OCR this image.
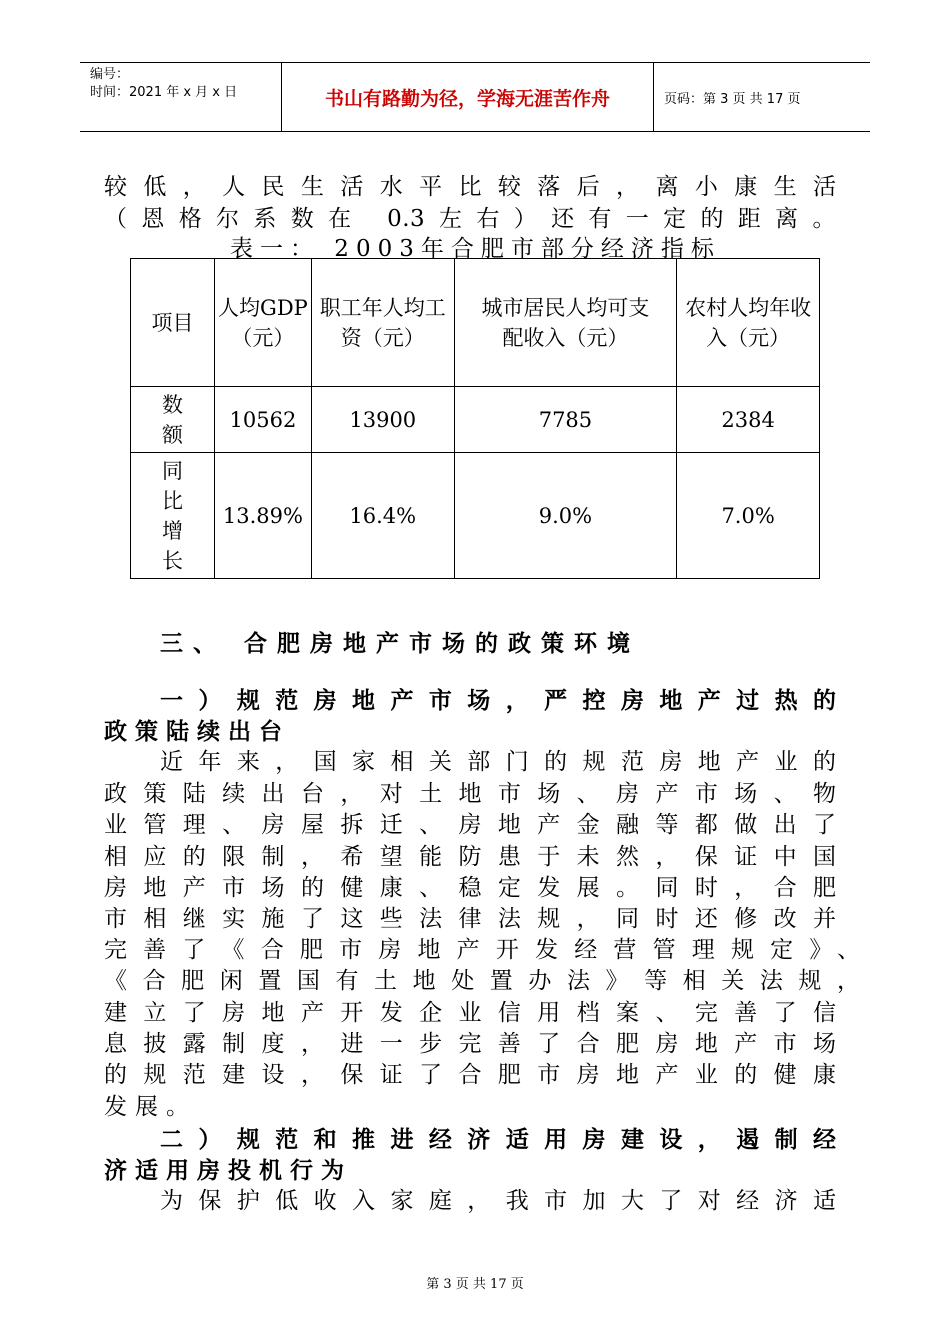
编号：
时间：2021 年 x 月 x 日	书山有路勤为径，学海无涯苦作舟	页码：第 3 页 共 17 页
较低，人民生活水平比较落后，离小康生活
（恩格尔系数在 0.3左右）还有一定的距离。
表一： 2003年合肥市部分经济指标
项目	人均GDP（元）	职工年人均工资（元）	城市居民人均可支配收入（元）	农村人均年收入（元）
数额	10562	13900	7785	2384
同比增长	13.89%	16.4%	9.0%	7.0%
三、 合肥房地产市场的政策环境
一）规范房地产市场，严控房地产过热的
政策陆续出台
近年来，国家相关部门的规范房地产业的
政策陆续出台，对土地市场、房产市场、物
业管理、房屋拆迁、房地产金融等都做出了
相应的限制，希望能防患于未然，保证中国
房地产市场的健康、稳定发展。同时，合肥
市相继实施了这些法律法规，同时还修改并
完善了《合肥市房地产开发经营管理规定》、
《合肥闲置国有土地处置办法》等相关法规，
建立了房地产开发企业信用档案、完善了信
息披露制度，进一步完善了合肥房地产市场
的规范建设，保证了合肥市房地产业的健康
发展。
二）规范和推进经济适用房建设，遏制经
济适用房投机行为
为保护低收入家庭，我市加大了对经济适
第 3 页 共 17 页
